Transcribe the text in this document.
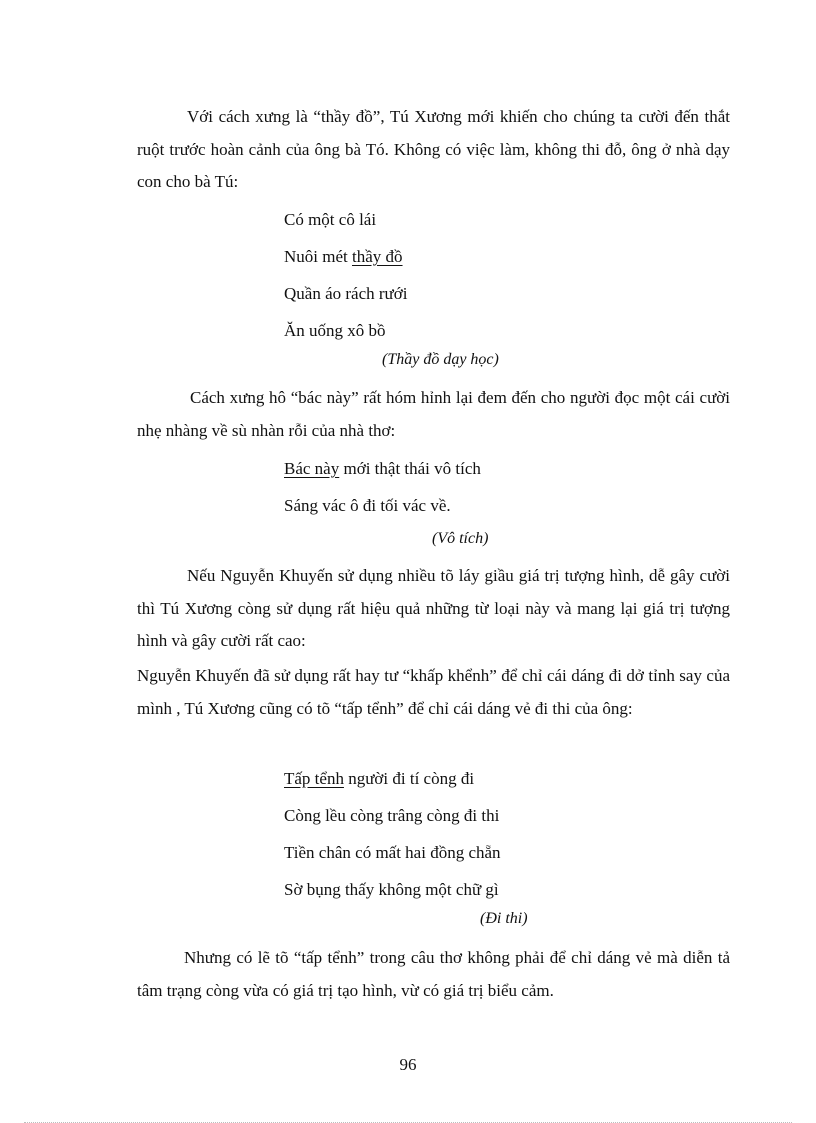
Với cách xưng là “thầy đồ”, Tú Xương mới khiến cho chúng ta cười đến thắt ruột trước hoàn cảnh của ông bà Tó. Không có việc làm, không thi đỗ, ông ở nhà dạy con cho bà Tú:

Có một cô lái
Nuôi mét thầy đồ
Quần áo rách rưới
Ăn uống xô bồ

(Thầy đồ dạy học)

Cách xưng hô “bác này” rất hóm hỉnh lại đem đến cho người đọc một cái cười nhẹ nhàng về sù nhàn rỗi của nhà thơ:

Bác này mới thật thái vô tích
Sáng vác ô đi tối vác về.

(Vô tích)

Nếu Nguyễn Khuyến sử dụng nhiều tõ láy giầu giá trị tượng hình, dễ gây cười thì Tú Xương còng sử dụng rất hiệu quả những từ loại này và mang lại giá trị tượng hình và gây cười rất cao:

Nguyễn Khuyến đã sử dụng rất hay tư “khấp khểnh” để chỉ cái dáng đi dở tỉnh say của mình , Tú Xương cũng có tõ “tấp tểnh” để chỉ cái dáng vẻ đi thi của ông:

Tấp tểnh người đi tí còng đi
Còng lều còng trâng còng đi thi
Tiền chân có mất hai đồng chẵn
Sờ bụng thấy không một chữ gì

(Đi thi)

Nhưng có lẽ tõ “tấp tểnh” trong câu thơ không phải để chỉ dáng vẻ mà diễn tả tâm trạng còng vừa có giá trị tạo hình, vừ có giá trị biểu cảm.

96
